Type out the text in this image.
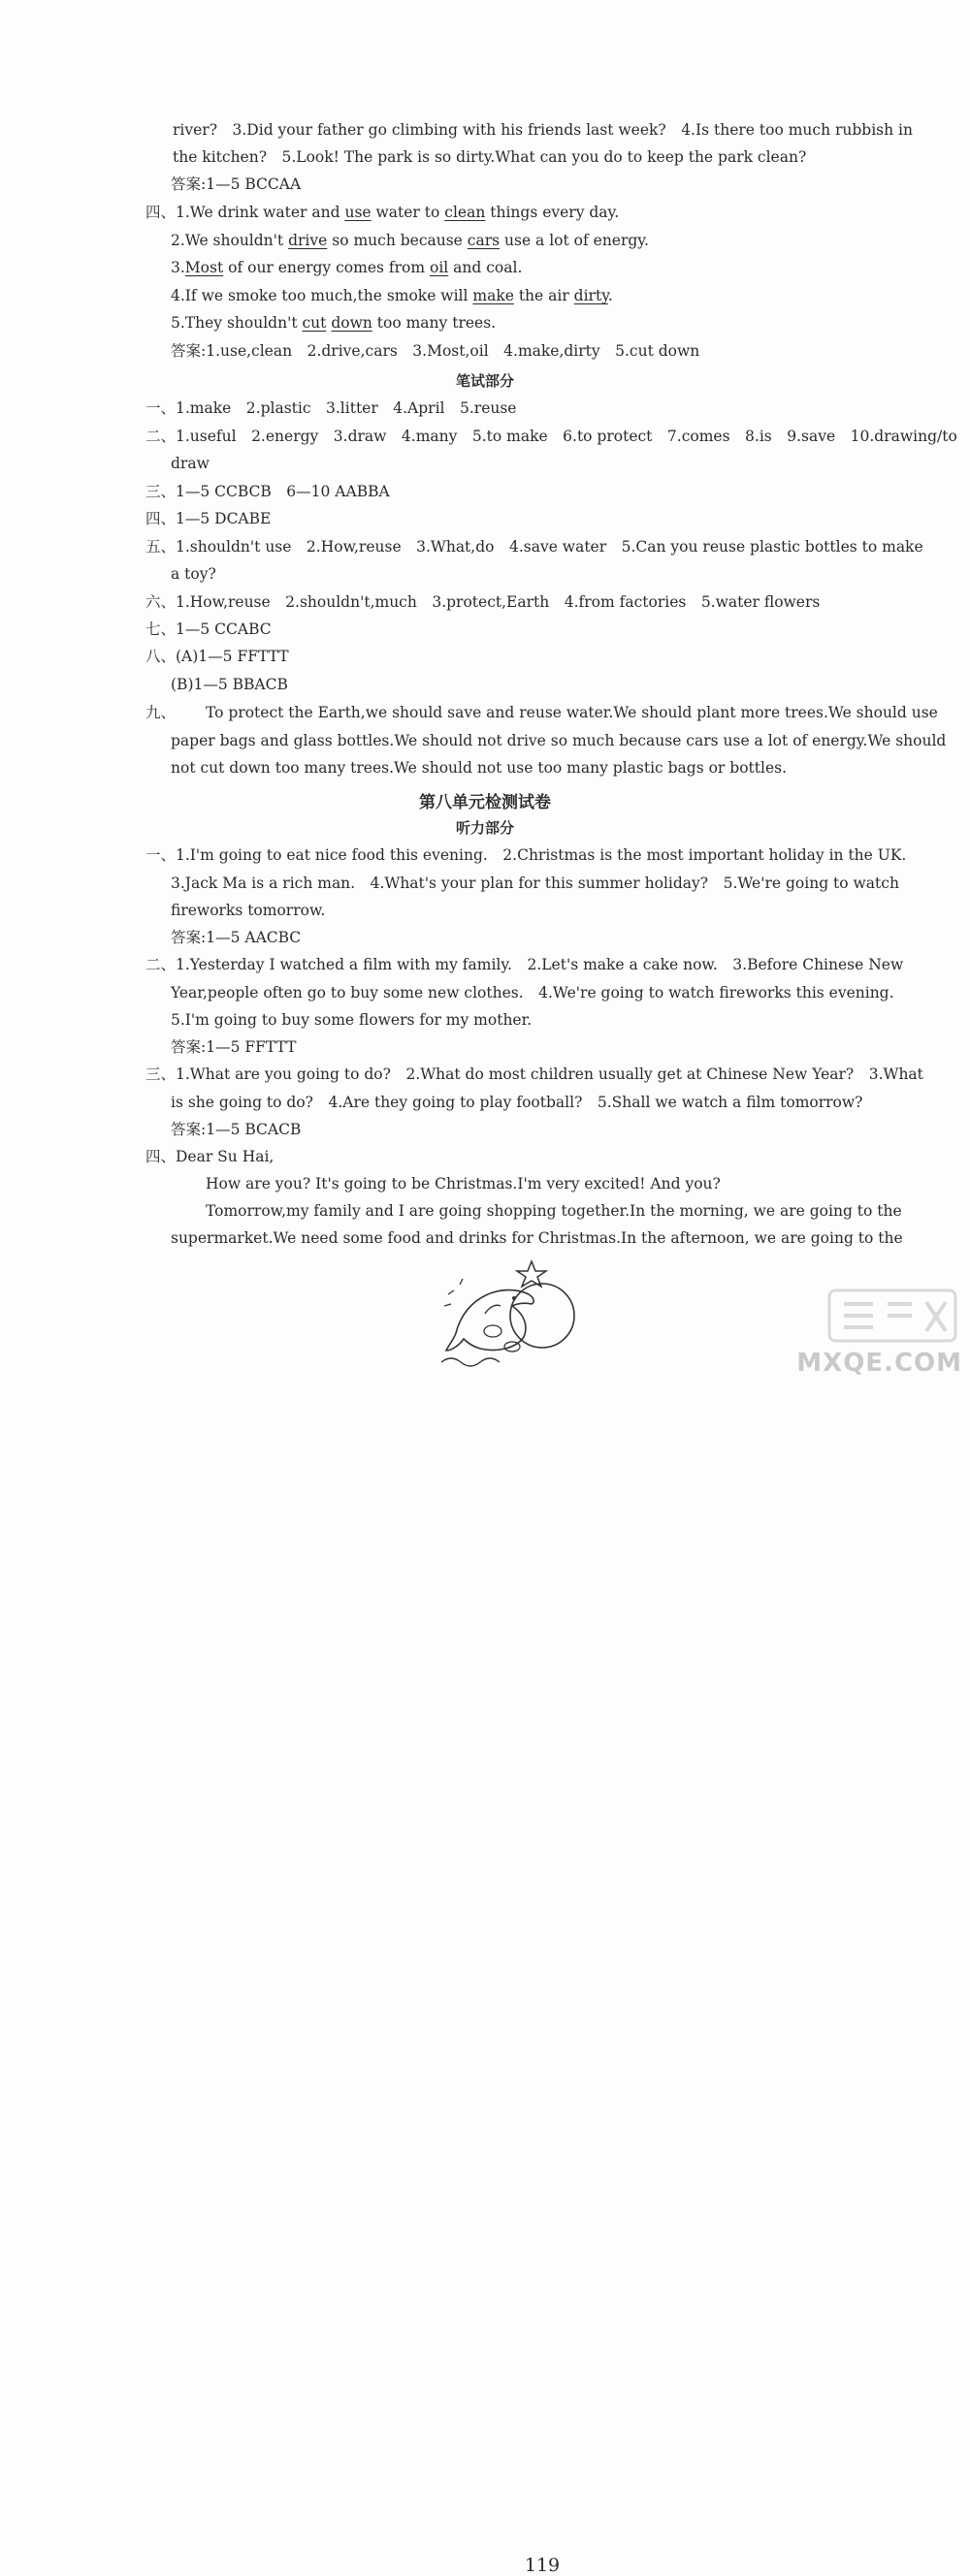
river?　3.Did your father go climbing with his friends last week?　4.Is there too much rubbish in
the kitchen?　5.Look! The park is so dirty.What can you do to keep the park clean?
答案:1—5 BCCAA
四、1.We drink water and use water to clean things every day.
2.We shouldn't drive so much because cars use a lot of energy.
3.Most of our energy comes from oil and coal.
4.If we smoke too much,the smoke will make the air dirty.
5.They shouldn't cut down too many trees.
答案:1.use,clean　2.drive,cars　3.Most,oil　4.make,dirty　5.cut down
笔试部分
一、1.make　2.plastic　3.litter　4.April　5.reuse
二、1.useful　2.energy　3.draw　4.many　5.to make　6.to protect　7.comes　8.is　9.save　10.drawing/to
draw
三、1—5 CCBCB　6—10 AABBA
四、1—5 DCABE
五、1.shouldn't use　2.How,reuse　3.What,do　4.save water　5.Can you reuse plastic bottles to make
a toy?
六、1.How,reuse　2.shouldn't,much　3.protect,Earth　4.from factories　5.water flowers
七、1—5 CCABC
八、(A)1—5 FFTTT
(B)1—5 BBACB
九、 To protect the Earth,we should save and reuse water.We should plant more trees.We should use
paper bags and glass bottles.We should not drive so much because cars use a lot of energy.We should
not cut down too many trees.We should not use too many plastic bags or bottles.
第八单元检测试卷
听力部分
一、1.I'm going to eat nice food this evening.　2.Christmas is the most important holiday in the UK.
3.Jack Ma is a rich man.　4.What's your plan for this summer holiday?　5.We're going to watch
fireworks tomorrow.
答案:1—5 AACBC
二、1.Yesterday I watched a film with my family.　2.Let's make a cake now.　3.Before Chinese New
Year,people often go to buy some new clothes.　4.We're going to watch fireworks this evening.
5.I'm going to buy some flowers for my mother.
答案:1—5 FFTTT
三、1.What are you going to do?　2.What do most children usually get at Chinese New Year?　3.What
is she going to do?　4.Are they going to play football?　5.Shall we watch a film tomorrow?
答案:1—5 BCACB
四、Dear Su Hai,
How are you? It's going to be Christmas.I'm very excited! And you?
Tomorrow,my family and I are going shopping together.In the morning, we are going to the
supermarket.We need some food and drinks for Christmas.In the afternoon, we are going to the
119
MXQE.COM
